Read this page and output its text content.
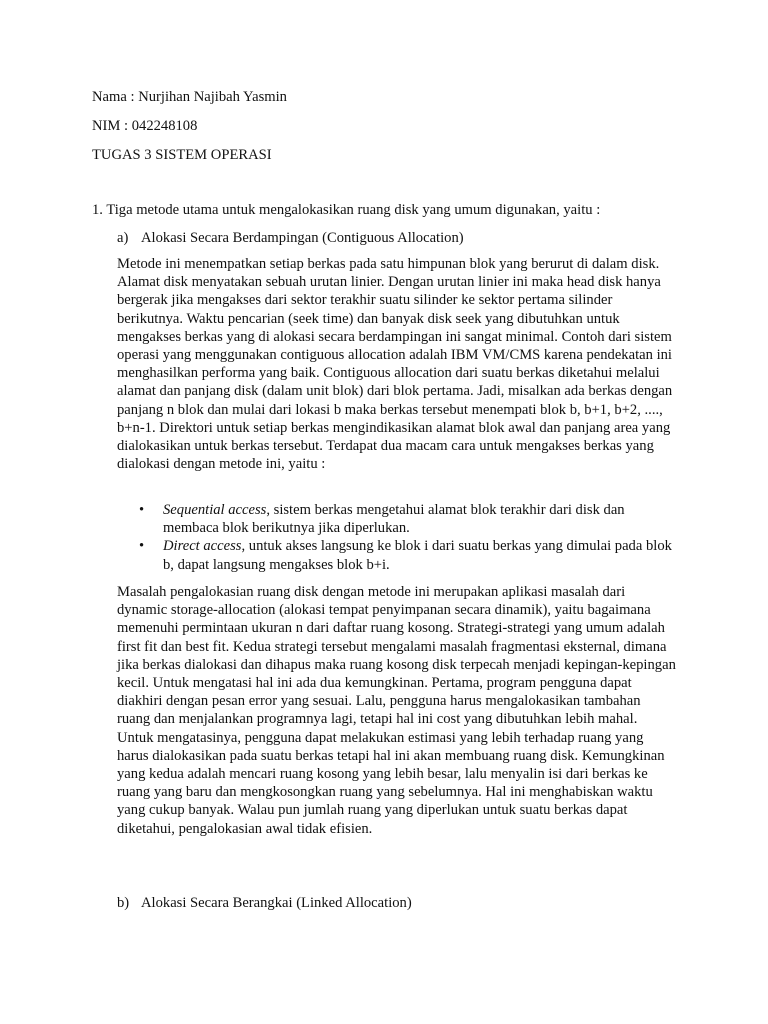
Nama : Nurjihan Najibah Yasmin
NIM : 042248108
TUGAS 3 SISTEM OPERASI
1. Tiga metode utama untuk mengalokasikan ruang disk yang umum digunakan, yaitu :
a) Alokasi Secara Berdampingan (Contiguous Allocation)

Metode ini menempatkan setiap berkas pada satu himpunan blok yang berurut di dalam disk. Alamat disk menyatakan sebuah urutan linier. Dengan urutan linier ini maka head disk hanya bergerak jika mengakses dari sektor terakhir suatu silinder ke sektor pertama silinder berikutnya. Waktu pencarian (seek time) dan banyak disk seek yang dibutuhkan untuk mengakses berkas yang di alokasi secara berdampingan ini sangat minimal. Contoh dari sistem operasi yang menggunakan contiguous allocation adalah IBM VM/CMS karena pendekatan ini menghasilkan performa yang baik. Contiguous allocation dari suatu berkas diketahui melalui alamat dan panjang disk (dalam unit blok) dari blok pertama. Jadi, misalkan ada berkas dengan panjang n blok dan mulai dari lokasi b maka berkas tersebut menempati blok b, b+1, b+2, ...., b+n-1. Direktori untuk setiap berkas mengindikasikan alamat blok awal dan panjang area yang dialokasikan untuk berkas tersebut. Terdapat dua macam cara untuk mengakses berkas yang dialokasi dengan metode ini, yaitu :

• Sequential access, sistem berkas mengetahui alamat blok terakhir dari disk dan membaca blok berikutnya jika diperlukan.
• Direct access, untuk akses langsung ke blok i dari suatu berkas yang dimulai pada blok b, dapat langsung mengakses blok b+i.

Masalah pengalokasian ruang disk dengan metode ini merupakan aplikasi masalah dari dynamic storage-allocation (alokasi tempat penyimpanan secara dinamik), yaitu bagaimana memenuhi permintaan ukuran n dari daftar ruang kosong. Strategi-strategi yang umum adalah first fit dan best fit. Kedua strategi tersebut mengalami masalah fragmentasi eksternal, dimana jika berkas dialokasi dan dihapus maka ruang kosong disk terpecah menjadi kepingan-kepingan kecil. Untuk mengatasi hal ini ada dua kemungkinan. Pertama, program pengguna dapat diakhiri dengan pesan error yang sesuai. Lalu, pengguna harus mengalokasikan tambahan ruang dan menjalankan programnya lagi, tetapi hal ini cost yang dibutuhkan lebih mahal. Untuk mengatasinya, pengguna dapat melakukan estimasi yang lebih terhadap ruang yang harus dialokasikan pada suatu berkas tetapi hal ini akan membuang ruang disk. Kemungkinan yang kedua adalah mencari ruang kosong yang lebih besar, lalu menyalin isi dari berkas ke ruang yang baru dan mengkosongkan ruang yang sebelumnya. Hal ini menghabiskan waktu yang cukup banyak. Walau pun jumlah ruang yang diperlukan untuk suatu berkas dapat diketahui, pengalokasian awal tidak efisien.

b) Alokasi Secara Berangkai (Linked Allocation)
